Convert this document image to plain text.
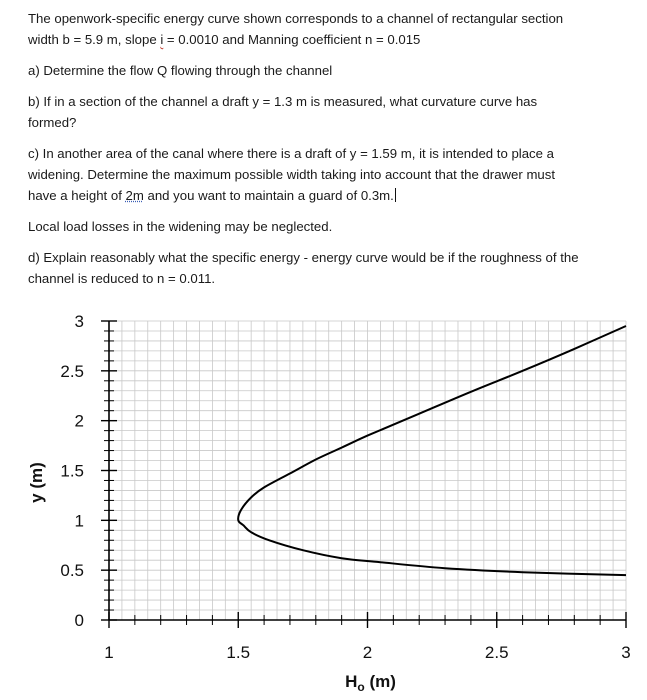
The openwork-specific energy curve shown corresponds to a channel of rectangular section
width b = 5.9 m, slope i = 0.0010 and Manning coefficient n = 0.015

a) Determine the flow Q flowing through the channel

b) If in a section of the channel a draft y = 1.3 m is measured, what curvature curve has
formed?

c) In another area of the canal where there is a draft of y = 1.59 m, it is intended to place a
widening. Determine the maximum possible width taking into account that the drawer must
have a height of 2m and you want to maintain a guard of 0.3m.

Local load losses in the widening may be neglected.

d) Explain reasonably what the specific energy - energy curve would be if the roughness of the
channel is reduced to n = 0.011.

0
0.5
1
1.5
2
2.5
3
1	1.5	2	2.5	3
y (m)
$H_o$ (m)
